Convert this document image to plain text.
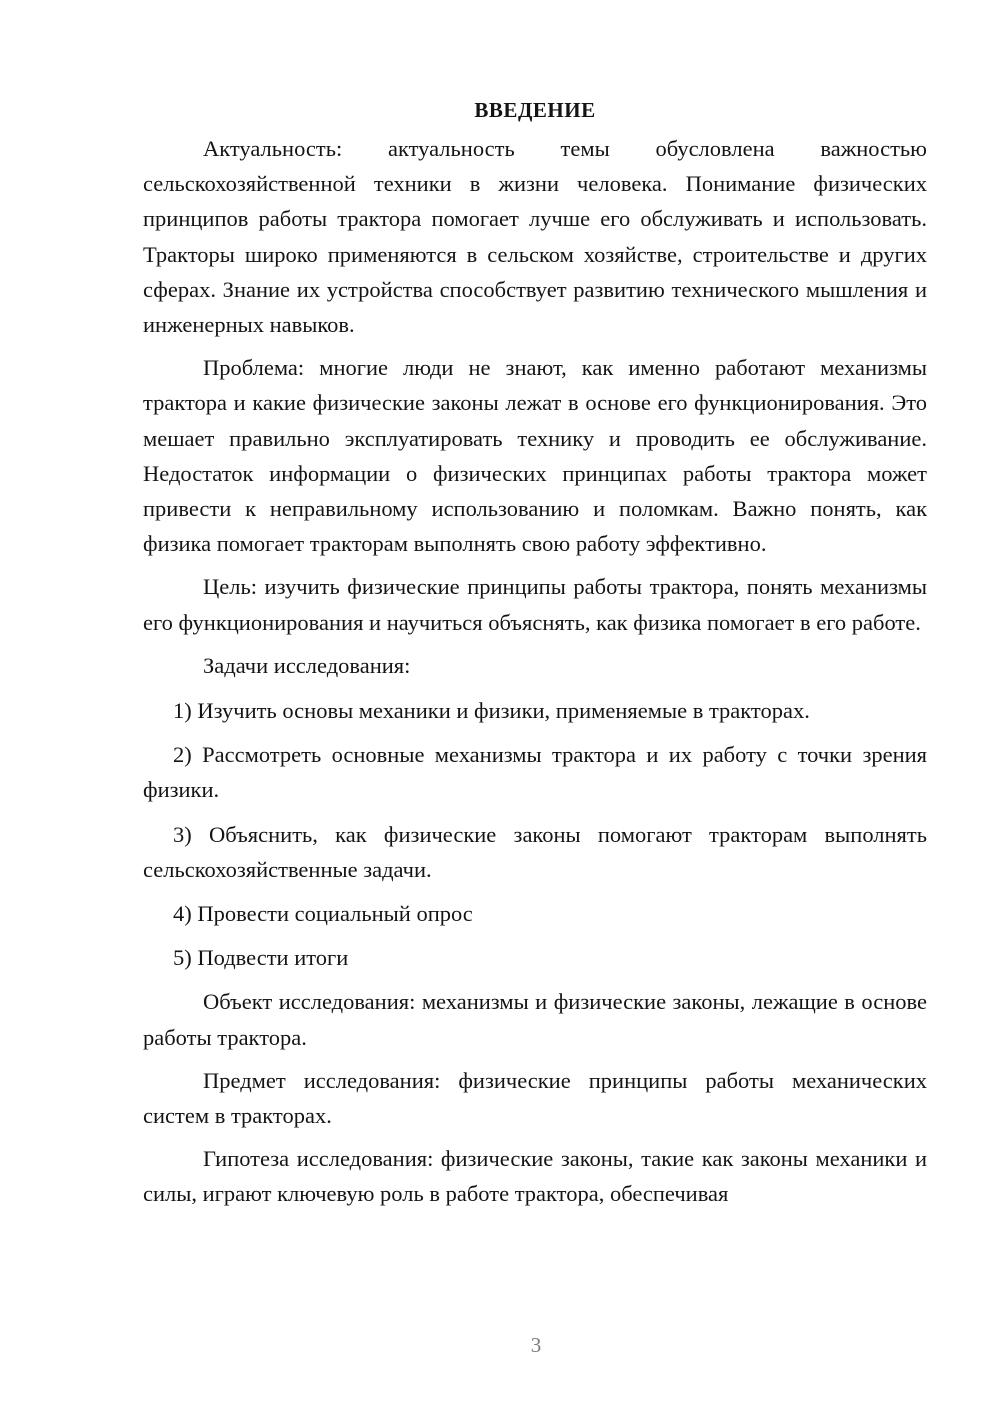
ВВЕДЕНИЕ

Актуальность: актуальность темы обусловлена важностью сельскохозяйственной техники в жизни человека. Понимание физических принципов работы трактора помогает лучше его обслуживать и использовать. Тракторы широко применяются в сельском хозяйстве, строительстве и других сферах. Знание их устройства способствует развитию технического мышления и инженерных навыков.

Проблема: многие люди не знают, как именно работают механизмы трактора и какие физические законы лежат в основе его функционирования. Это мешает правильно эксплуатировать технику и проводить ее обслуживание. Недостаток информации о физических принципах работы трактора может привести к неправильному использованию и поломкам. Важно понять, как физика помогает тракторам выполнять свою работу эффективно.

Цель: изучить физические принципы работы трактора, понять механизмы его функционирования и научиться объяснять, как физика помогает в его работе.

Задачи исследования:

1) Изучить основы механики и физики, применяемые в тракторах.

2) Рассмотреть основные механизмы трактора и их работу с точки зрения физики.

3) Объяснить, как физические законы помогают тракторам выполнять сельскохозяйственные задачи.

4) Провести социальный опрос

5) Подвести итоги

Объект исследования: механизмы и физические законы, лежащие в основе работы трактора.

Предмет исследования: физические принципы работы механических систем в тракторах.

Гипотеза исследования: физические законы, такие как законы механики и силы, играют ключевую роль в работе трактора, обеспечивая

3
